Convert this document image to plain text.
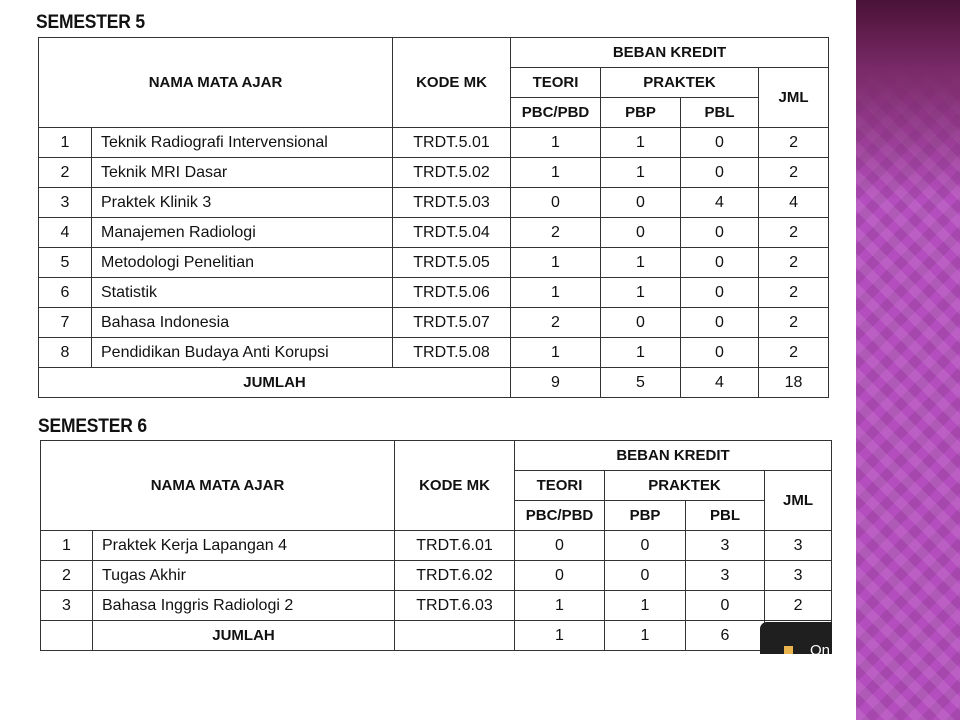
SEMESTER 5
NAMA MATA AJAR		KODE MK	BEBAN KREDIT			
			TEORI	PRAKTEK		JML
			PBC/PBD	PBP	PBL	
1	Teknik Radiografi Intervensional	TRDT.5.01	1	1	0	2
2	Teknik MRI Dasar	TRDT.5.02	1	1	0	2
3	Praktek Klinik 3	TRDT.5.03	0	0	4	4
4	Manajemen Radiologi	TRDT.5.04	2	0	0	2
5	Metodologi Penelitian	TRDT.5.05	1	1	0	2
6	Statistik	TRDT.5.06	1	1	0	2
7	Bahasa Indonesia	TRDT.5.07	2	0	0	2
8	Pendidikan Budaya Anti Korupsi	TRDT.5.08	1	1	0	2
JUMLAH			9	5	4	18
SEMESTER 6
NAMA MATA AJAR		KODE MK	BEBAN KREDIT			
			TEORI	PRAKTEK		JML
			PBC/PBD	PBP	PBL	
1	Praktek Kerja Lapangan 4	TRDT.6.01	0	0	3	3
2	Tugas Akhir	TRDT.6.02	0	0	3	3
3	Bahasa Inggris Radiologi 2	TRDT.6.03	1	1	0	2
	JUMLAH		1	1	6	
On
